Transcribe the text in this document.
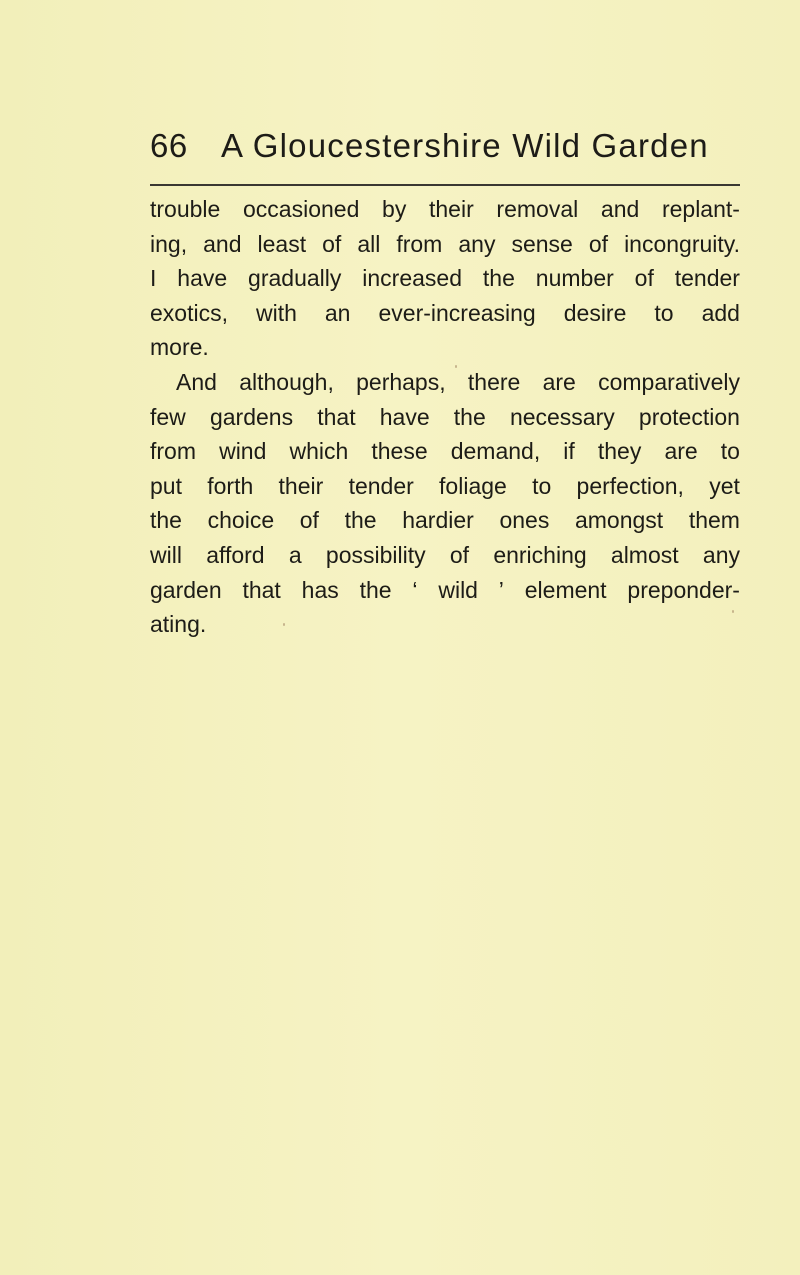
66 A Gloucestershire Wild Garden
trouble occasioned by their removal and replant-
ing, and least of all from any sense of incongruity.
I have gradually increased the number of tender
exotics, with an ever-increasing desire to add
more.
And although, perhaps, there are comparatively
few gardens that have the necessary protection
from wind which these demand, if they are to
put forth their tender foliage to perfection, yet
the choice of the hardier ones amongst them
will afford a possibility of enriching almost any
garden that has the ‘ wild ’ element preponder-
ating.
